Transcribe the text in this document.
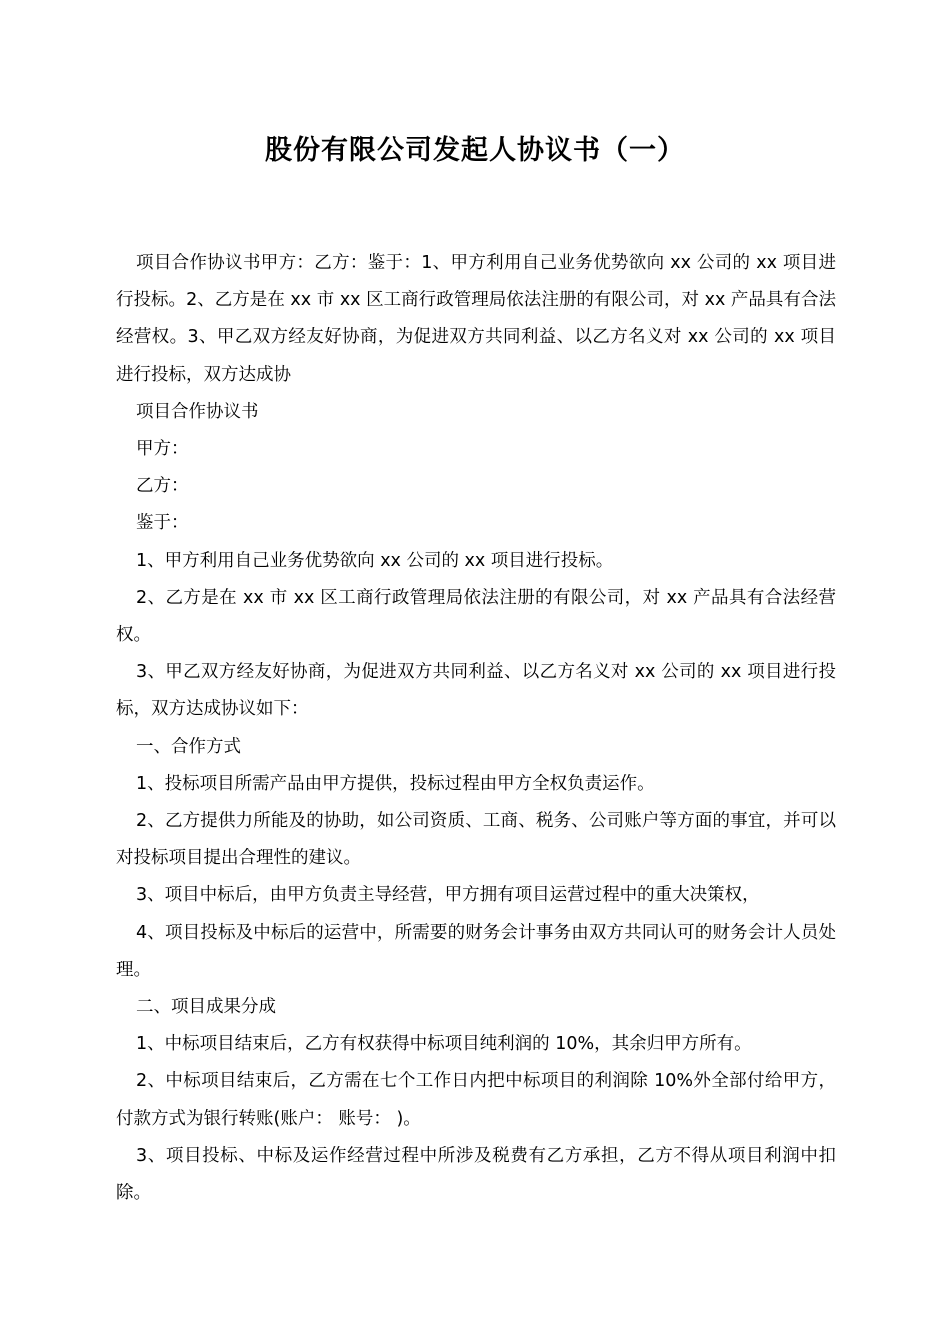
股份有限公司发起人协议书（一）

项目合作协议书甲方：乙方：鉴于：1、甲方利用自己业务优势欲向 xx 公司的 xx 项目进行投标。2、乙方是在 xx 市 xx 区工商行政管理局依法注册的有限公司，对 xx 产品具有合法经营权。3、甲乙双方经友好协商，为促进双方共同利益、以乙方名义对 xx 公司的 xx 项目进行投标，双方达成协

项目合作协议书

甲方：

乙方：

鉴于：

1、甲方利用自己业务优势欲向 xx 公司的 xx 项目进行投标。

2、乙方是在 xx 市 xx 区工商行政管理局依法注册的有限公司，对 xx 产品具有合法经营权。

3、甲乙双方经友好协商，为促进双方共同利益、以乙方名义对 xx 公司的 xx 项目进行投标，双方达成协议如下：

一、合作方式

1、投标项目所需产品由甲方提供，投标过程由甲方全权负责运作。

2、乙方提供力所能及的协助，如公司资质、工商、税务、公司账户等方面的事宜，并可以对投标项目提出合理性的建议。

3、项目中标后，由甲方负责主导经营，甲方拥有项目运营过程中的重大决策权，

4、项目投标及中标后的运营中，所需要的财务会计事务由双方共同认可的财务会计人员处理。

二、项目成果分成

1、中标项目结束后，乙方有权获得中标项目纯利润的 10%，其余归甲方所有。

2、中标项目结束后，乙方需在七个工作日内把中标项目的利润除 10%外全部付给甲方，付款方式为银行转账(账户： 账号： )。

3、项目投标、中标及运作经营过程中所涉及税费有乙方承担，乙方不得从项目利润中扣除。
